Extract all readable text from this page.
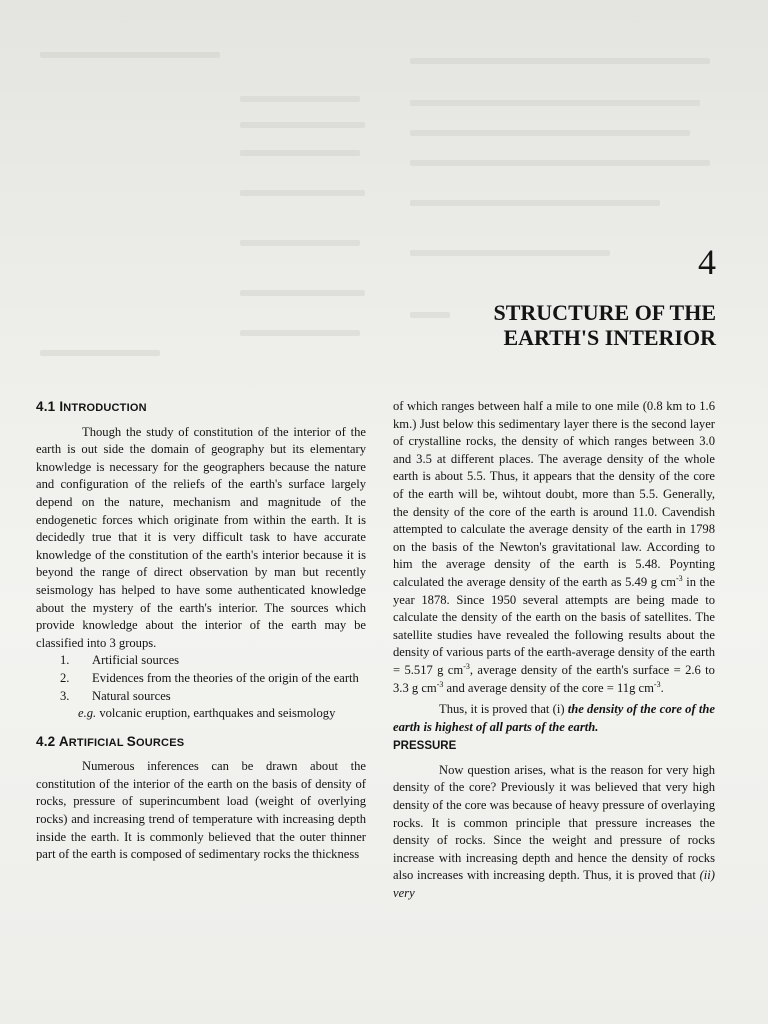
4
STRUCTURE OF THE
EARTH'S INTERIOR
4.1 INTRODUCTION

Though the study of constitution of the interior of the earth is out side the domain of geography but its elementary knowledge is necessary for the geographers because the nature and configuration of the reliefs of the earth's surface largely depend on the nature, mechanism and magnitude of the endogenetic forces which originate from within the earth. It is decidedly true that it is very difficult task to have accurate knowledge of the constitution of the earth's interior because it is beyond the range of direct observation by man but recently seismology has helped to have some authenticated knowledge about the mystery of the earth's interior. The sources which provide knowledge about the interior of the earth may be classified into 3 groups.

1.	Artificial sources
2.	Evidences from the theories of the origin of the earth
3.	Natural sources

e.g. volcanic eruption, earthquakes and seismology

4.2 ARTIFICIAL SOURCES

Numerous inferences can be drawn about the constitution of the interior of the earth on the basis of density of rocks, pressure of superincumbent load (weight of overlying rocks) and increasing trend of temperature with increasing depth inside the earth. It is commonly believed that the outer thinner part of the earth is composed of sedimentary rocks the thickness

of which ranges between half a mile to one mile (0.8 km to 1.6 km.) Just below this sedimentary layer there is the second layer of crystalline rocks, the density of which ranges between 3.0 and 3.5 at different places. The average density of the whole earth is about 5.5. Thus, it appears that the density of the core of the earth will be, wihtout doubt, more than 5.5. Generally, the density of the core of the earth is around 11.0. Cavendish attempted to calculate the average density of the earth in 1798 on the basis of the Newton's gravitational law. According to him the average density of the earth is 5.48. Poynting calculated the average density of the earth as 5.49 g $cm^{-3}$ in the year 1878. Since 1950 several attempts are being made to calculate the density of the earth on the basis of satellites. The satellite studies have revealed the following results about the density of various parts of the earth-average density of the earth = 5.517 g $cm^{-3}$, average density of the earth's surface = 2.6 to 3.3 g $cm^{-3}$ and average density of the core = 11g $cm^{-3}$.

Thus, it is proved that (i) the density of the core of the earth is highest of all parts of the earth.

PRESSURE

Now question arises, what is the reason for very high density of the core? Previously it was believed that very high density of the core was because of heavy pressure of overlaying rocks. It is common principle that pressure increases the density of rocks. Since the weight and pressure of rocks increase with increasing depth and hence the density of rocks also increases with increasing depth. Thus, it is proved that (ii) very
